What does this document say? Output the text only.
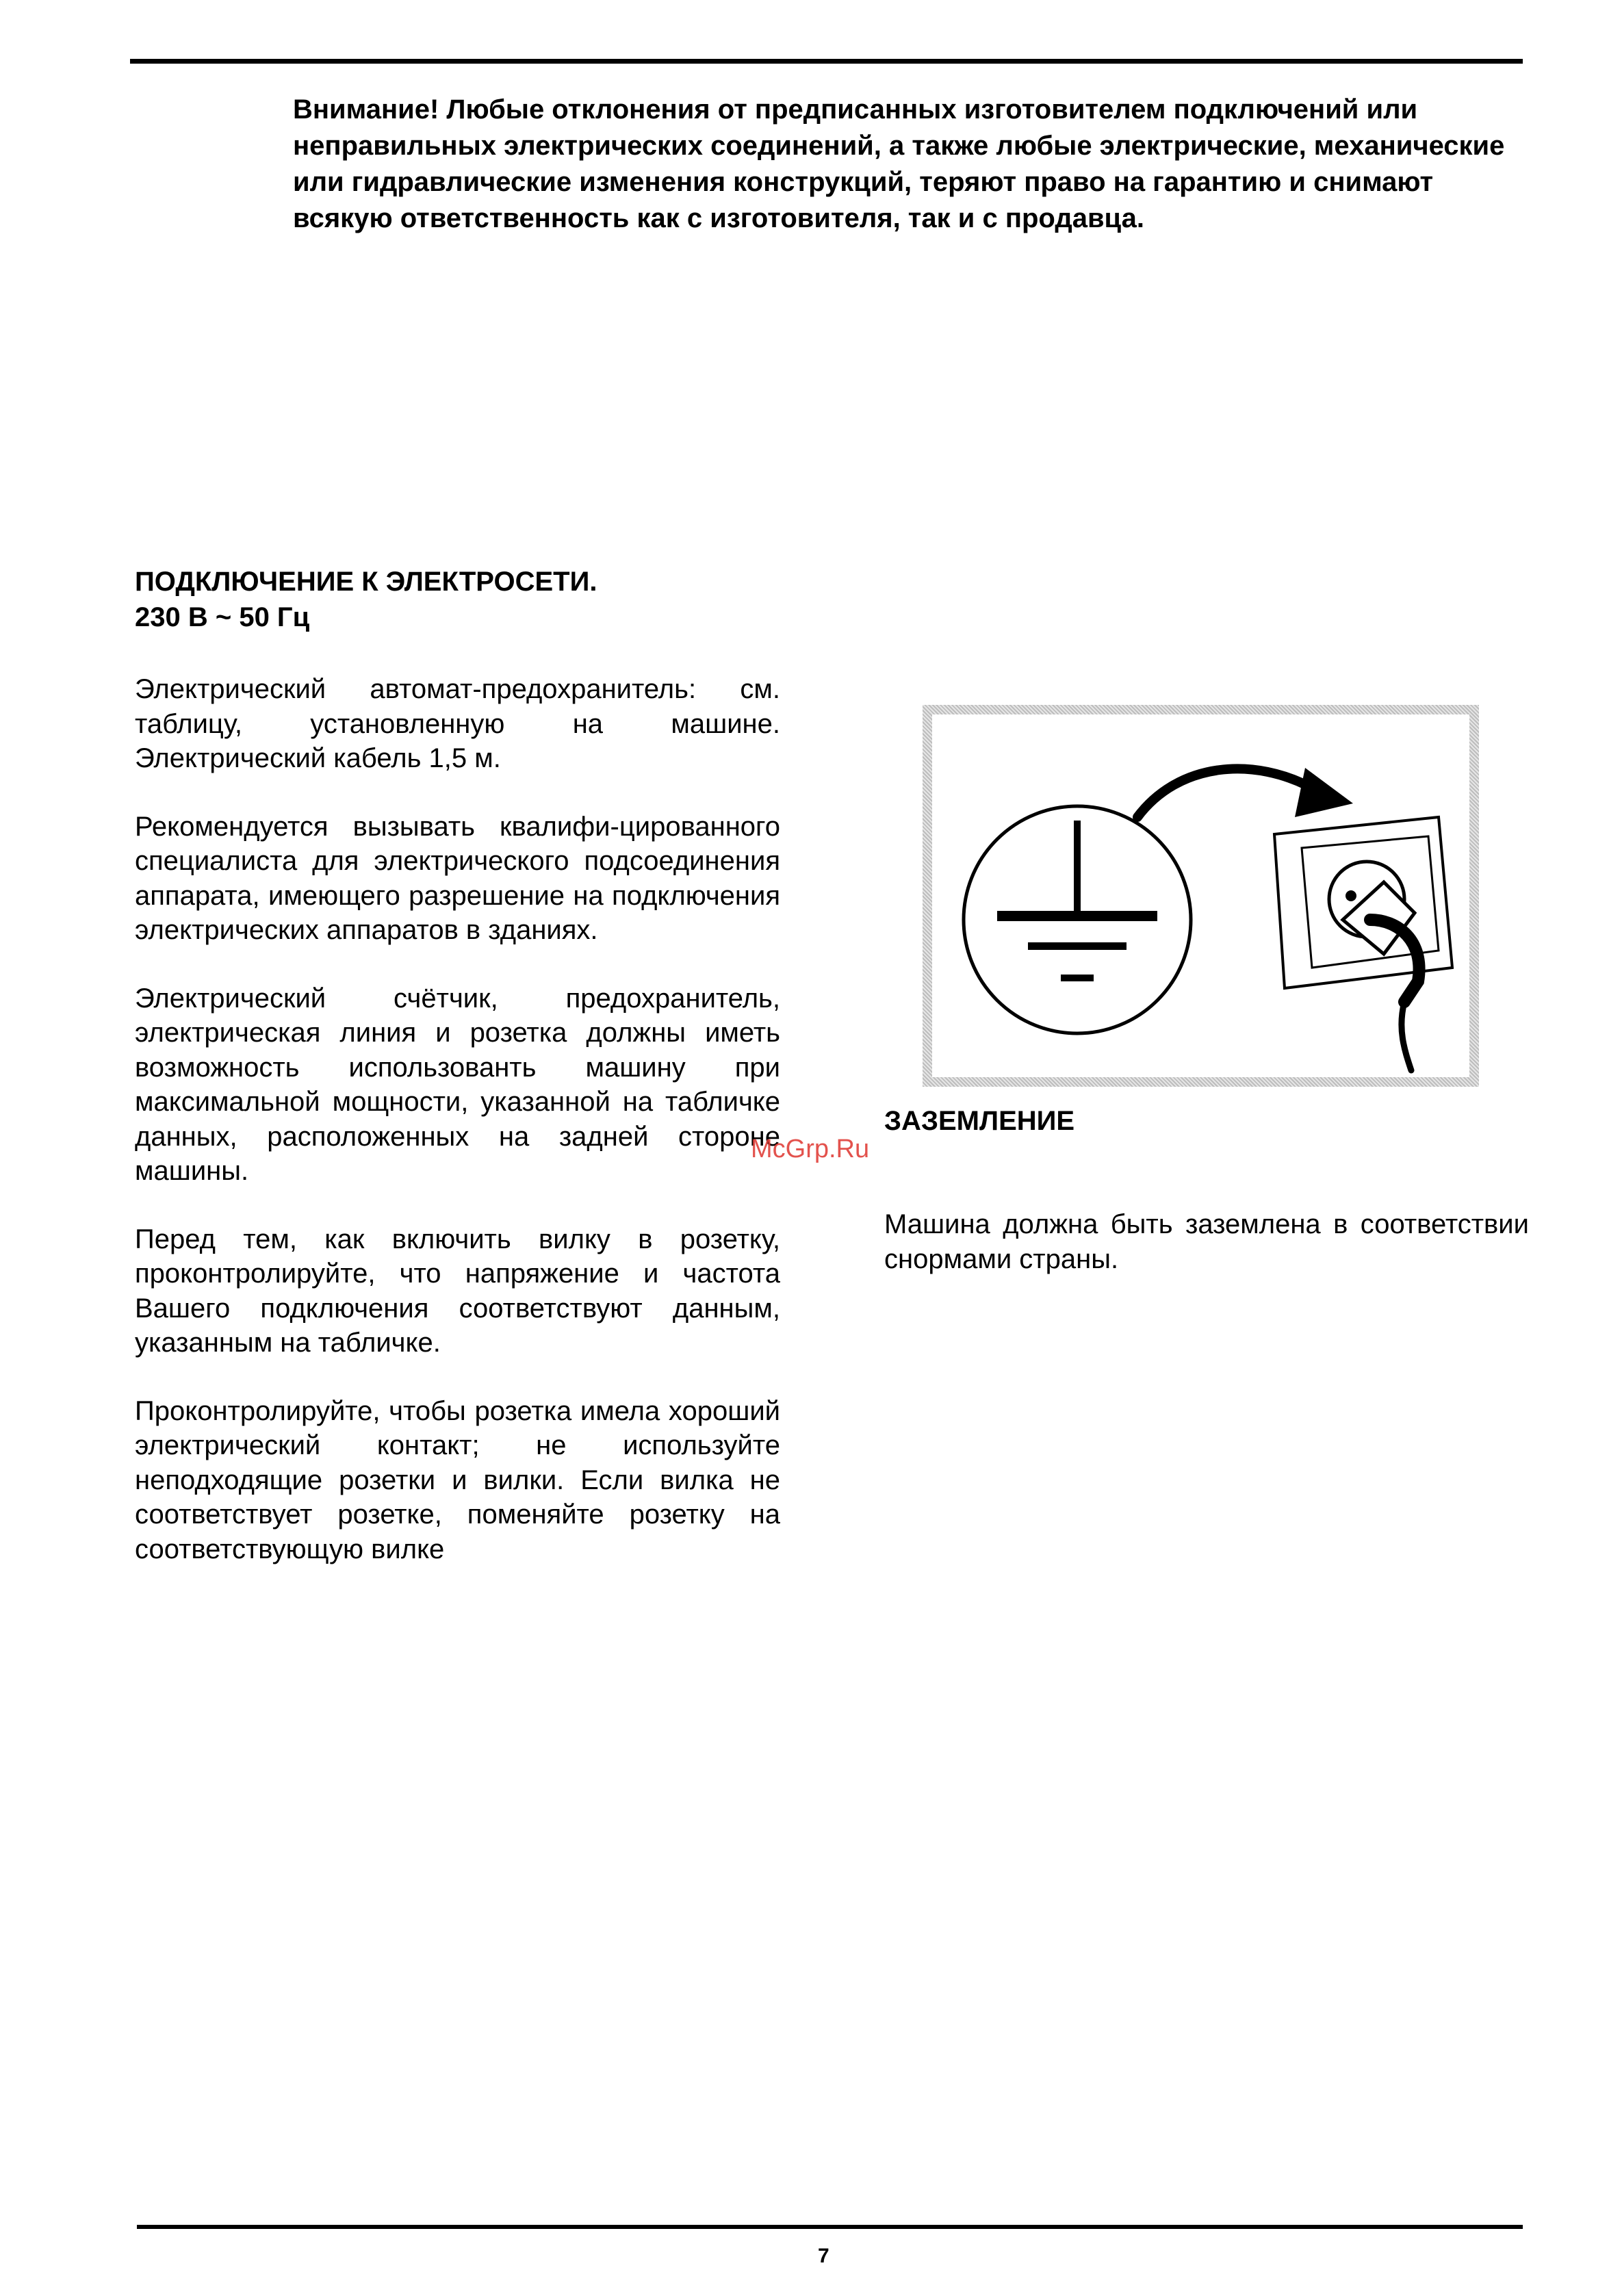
Внимание! Любые отклонения от предписанных изготовителем подключений или неправильных электрических соединений, а также любые электрические, механические или гидравлические изменения конструкций, теряют право на гарантию и снимают всякую ответственность как с изготовителя, так и с продавца.
ПОДКЛЮЧЕНИЕ К ЭЛЕКТРОСЕТИ.
230 В ~ 50 Гц

Электрический автомат-предохранитель: см. таблицу, установленную на машине. Электрический кабель 1,5 м.

Рекомендуется вызывать квалифи-цированного специалиста для электрического подсоединения аппарата, имеющего разрешение на подключения электрических аппаратов в зданиях.

Электрический счётчик, предохранитель, электрическая линия и розетка должны иметь возможность использованть машину при максимальной мощности, указанной на табличке данных, расположенных на задней стороне машины.

Перед тем, как включить вилку в розетку, проконтролируйте, что напряжение и частота Вашего подключения соответствуют данным, указанным на табличке.

Проконтролируйте, чтобы розетка имела хороший электрический контакт; не используйте неподходящие розетки и вилки. Если вилка не соответствует розетке, поменяйте розетку на соответствующую вилке

ЗАЗЕМЛЕНИЕ

Машина должна быть заземлена в соответствии снормами страны.

McGrp.Ru
7
